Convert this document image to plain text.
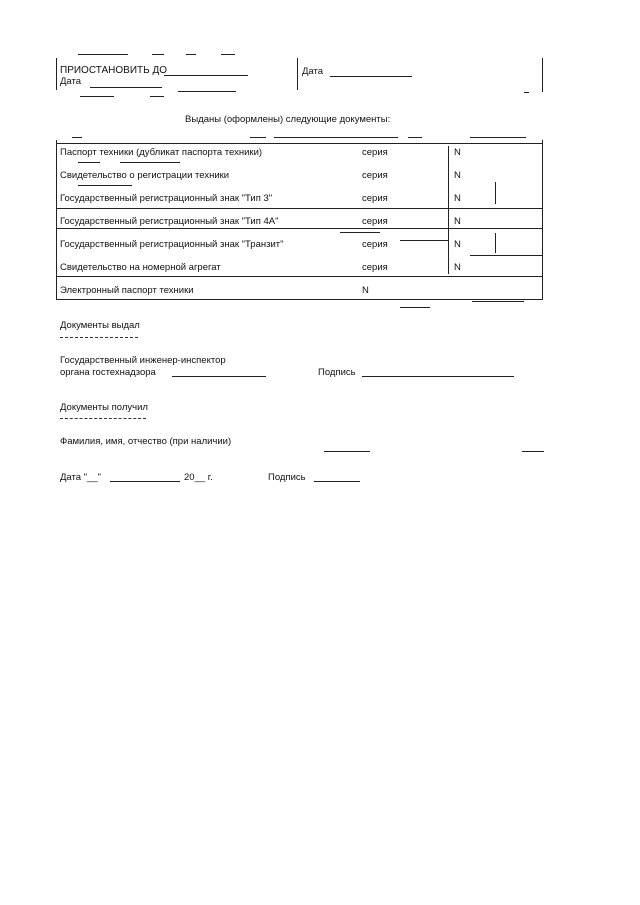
ПРИОСТАНОВИТЬ ДО
Дата
Дата
Выданы (оформлены) следующие документы:
Паспорт техники (дубликат паспорта техники)	серия	N
Свидетельство о регистрации техники	серия	N
Государственный регистрационный знак "Тип 3"	серия	N
Государственный регистрационный знак "Тип 4А"	серия	N
Государственный регистрационный знак "Транзит"	серия	N
Свидетельство на номерной агрегат	серия	N
Электронный паспорт техники	N
Документы выдал
Государственный инженер-инспектор
органа гостехнадзора	Подпись
Документы получил
Фамилия, имя, отчество (при наличии)
Дата "__"	20__ г.	Подпись
